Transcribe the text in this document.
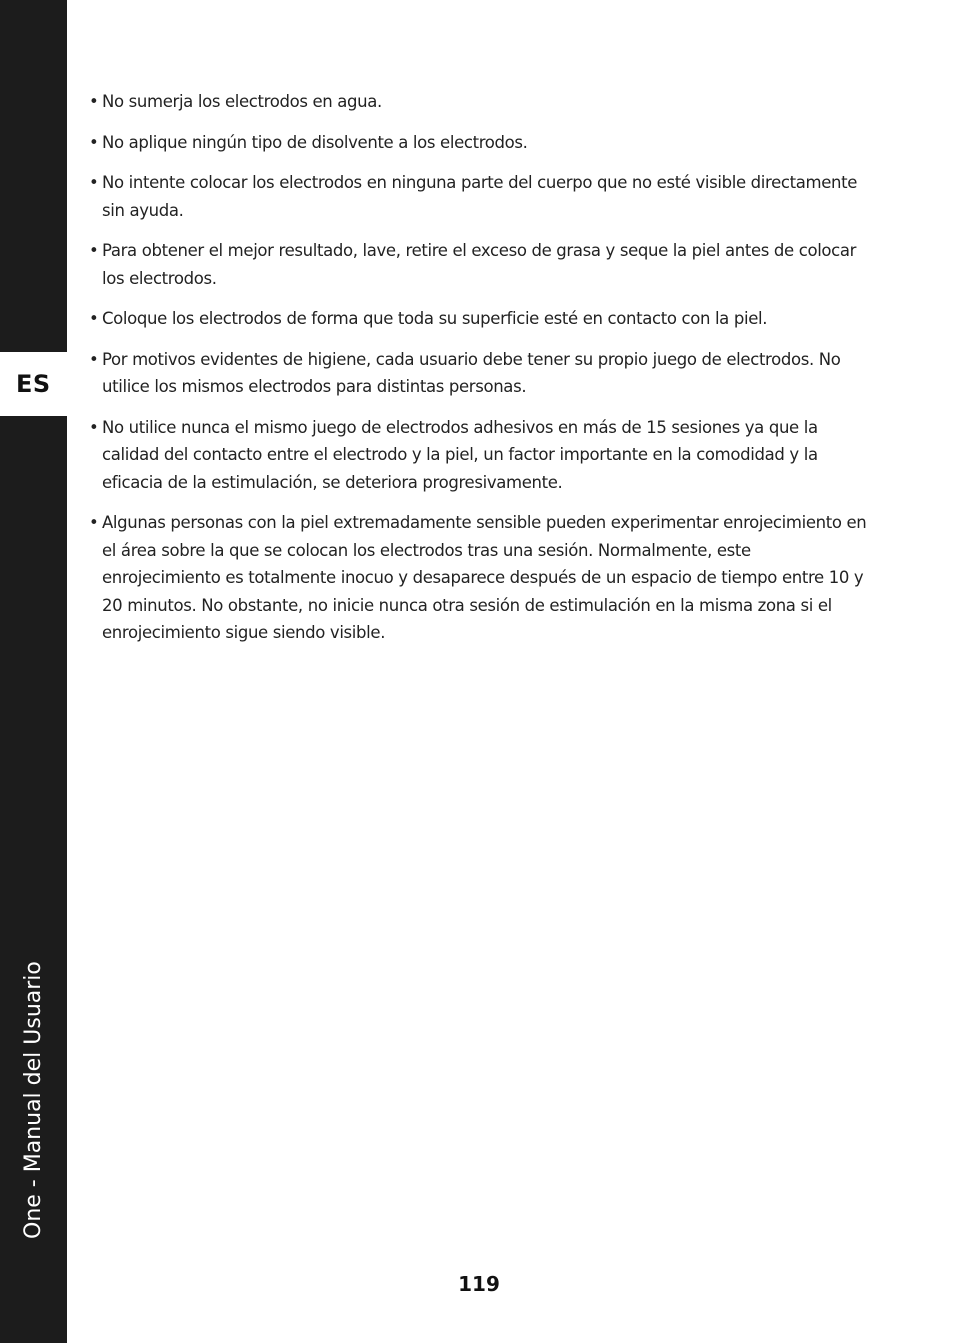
ES
One - Manual del Usuario
• No sumerja los electrodos en agua.
• No aplique ningún tipo de disolvente a los electrodos.
• No intente colocar los electrodos en ninguna parte del cuerpo que no esté visible directamente sin ayuda.
• Para obtener el mejor resultado, lave, retire el exceso de grasa y seque la piel antes de colocar los electrodos.
• Coloque los electrodos de forma que toda su superficie esté en contacto con la piel.
• Por motivos evidentes de higiene, cada usuario debe tener su propio juego de electrodos. No utilice los mismos electrodos para distintas personas.
• No utilice nunca el mismo juego de electrodos adhesivos en más de 15 sesiones ya que la calidad del contacto entre el electrodo y la piel, un factor importante en la comodidad y la eficacia de la estimulación, se deteriora progresivamente.
• Algunas personas con la piel extremadamente sensible pueden experimentar enrojecimiento en el área sobre la que se colocan los electrodos tras una sesión. Normalmente, este enrojecimiento es totalmente inocuo y desaparece después de un espacio de tiempo entre 10 y 20 minutos. No obstante, no inicie nunca otra sesión de estimulación en la misma zona si el enrojecimiento sigue siendo visible.
119
